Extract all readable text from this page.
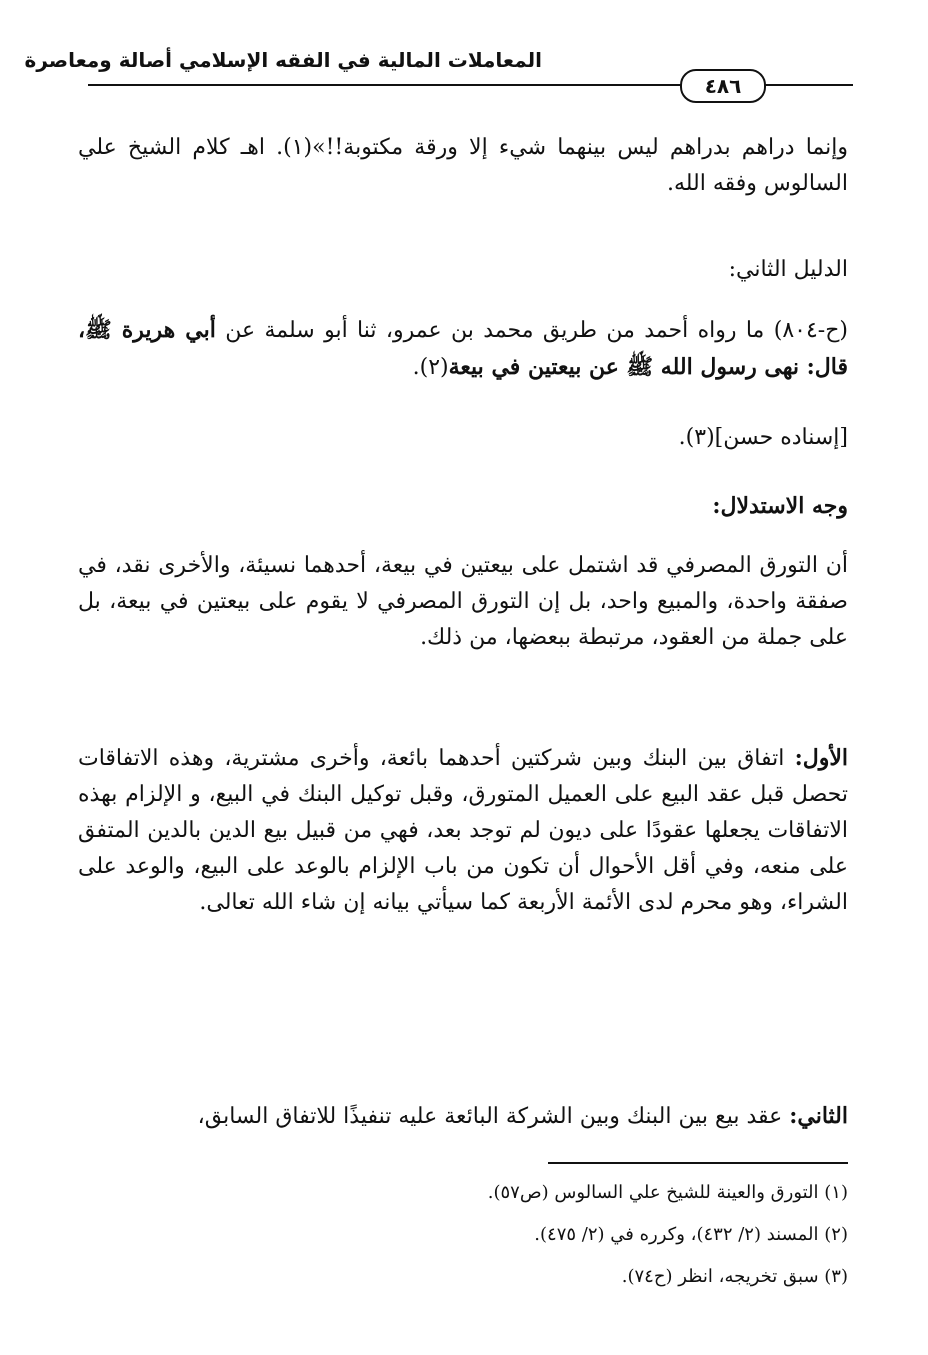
المعاملات المالية في الفقه الإسلامي أصالة ومعاصرة
٤٨٦

وإنما دراهم بدراهم ليس بينهما شيء إلا ورقة مكتوبة!!»(١). اهـ كلام الشيخ علي السالوس وفقه الله.

الدليل الثاني:

(ح-٨٠٤) ما رواه أحمد من طريق محمد بن عمرو، ثنا أبو سلمة عن أبي هريرة ﷺ، قال: نهى رسول الله ﷺ عن بيعتين في بيعة(٢).

[إسناده حسن](٣).

وجه الاستدلال:

أن التورق المصرفي قد اشتمل على بيعتين في بيعة، أحدهما نسيئة، والأخرى نقد، في صفقة واحدة، والمبيع واحد، بل إن التورق المصرفي لا يقوم على بيعتين في بيعة، بل على جملة من العقود، مرتبطة ببعضها، من ذلك.

الأول: اتفاق بين البنك وبين شركتين أحدهما بائعة، وأخرى مشترية، وهذه الاتفاقات تحصل قبل عقد البيع على العميل المتورق، وقبل توكيل البنك في البيع، و الإلزام بهذه الاتفاقات يجعلها عقودًا على ديون لم توجد بعد، فهي من قبيل بيع الدين بالدين المتفق على منعه، وفي أقل الأحوال أن تكون من باب الإلزام بالوعد على البيع، والوعد على الشراء، وهو محرم لدى الأئمة الأربعة كما سيأتي بيانه إن شاء الله تعالى.

الثاني: عقد بيع بين البنك وبين الشركة البائعة عليه تنفيذًا للاتفاق السابق،

(١) التورق والعينة للشيخ علي السالوس (ص٥٧).

(٢) المسند (٢/ ٤٣٢)، وكرره في (٢/ ٤٧٥).

(٣) سبق تخريجه، انظر (ح٧٤).
